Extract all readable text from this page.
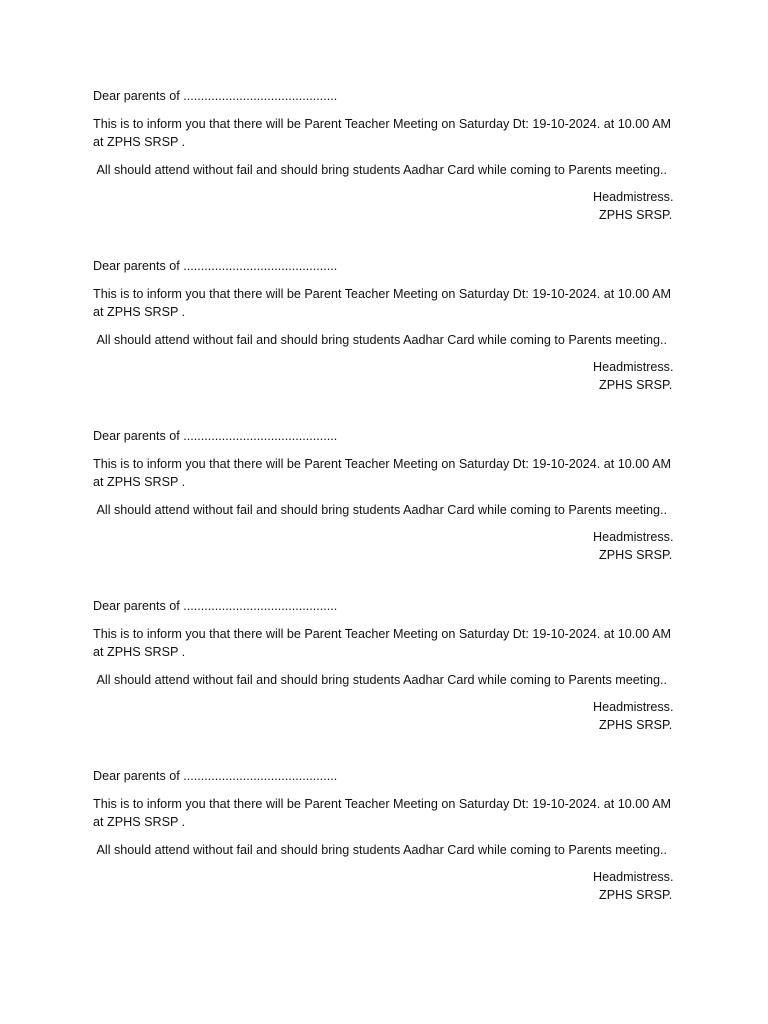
Dear parents of ............................................

This is to inform you that there will be Parent Teacher Meeting on Saturday Dt: 19-10-2024. at 10.00 AM at ZPHS SRSP .

All should attend without fail and should bring students Aadhar Card while coming to Parents meeting..

Headmistress.
ZPHS SRSP.

Dear parents of ............................................

This is to inform you that there will be Parent Teacher Meeting on Saturday Dt: 19-10-2024. at 10.00 AM at ZPHS SRSP .

All should attend without fail and should bring students Aadhar Card while coming to Parents meeting..

Headmistress.
ZPHS SRSP.

Dear parents of ............................................

This is to inform you that there will be Parent Teacher Meeting on Saturday Dt: 19-10-2024. at 10.00 AM at ZPHS SRSP .

All should attend without fail and should bring students Aadhar Card while coming to Parents meeting..

Headmistress.
ZPHS SRSP.

Dear parents of ............................................

This is to inform you that there will be Parent Teacher Meeting on Saturday Dt: 19-10-2024. at 10.00 AM at ZPHS SRSP .

All should attend without fail and should bring students Aadhar Card while coming to Parents meeting..

Headmistress.
ZPHS SRSP.

Dear parents of ............................................

This is to inform you that there will be Parent Teacher Meeting on Saturday Dt: 19-10-2024. at 10.00 AM at ZPHS SRSP .

All should attend without fail and should bring students Aadhar Card while coming to Parents meeting..

Headmistress.
ZPHS SRSP.
